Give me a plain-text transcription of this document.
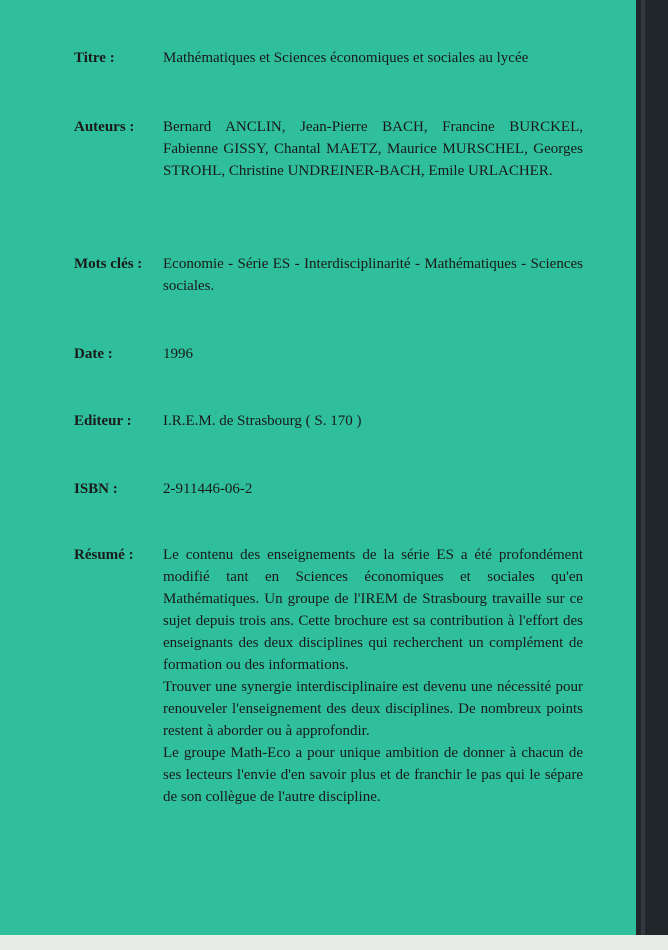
Titre :	Mathématiques et Sciences économiques et sociales au lycée
Auteurs : Bernard ANCLIN, Jean-Pierre BACH, Francine BURCKEL, Fabienne GISSY, Chantal MAETZ, Maurice MURSCHEL, Georges STROHL, Christine UNDREINER-BACH, Emile URLACHER.
Mots clés : Economie - Série ES - Interdisciplinarité - Mathématiques - Sciences sociales.
Date :	1996
Editeur : I.R.E.M. de Strasbourg ( S. 170 )
ISBN :	2-911446-06-2
Résumé : Le contenu des enseignements de la série ES a été profondément modifié tant en Sciences économiques et sociales qu'en Mathématiques. Un groupe de l'IREM de Strasbourg travaille sur ce sujet depuis trois ans. Cette brochure est sa contribution à l'effort des enseignants des deux disciplines qui recherchent un complément de formation ou des informations.

Trouver une synergie interdisciplinaire est devenu une nécessité pour renouveler l'enseignement des deux disciplines. De nombreux points restent à aborder ou à approfondir.

Le groupe Math-Eco a pour unique ambition de donner à chacun de ses lecteurs l'envie d'en savoir plus et de franchir le pas qui le sépare de son collègue de l'autre discipline.
